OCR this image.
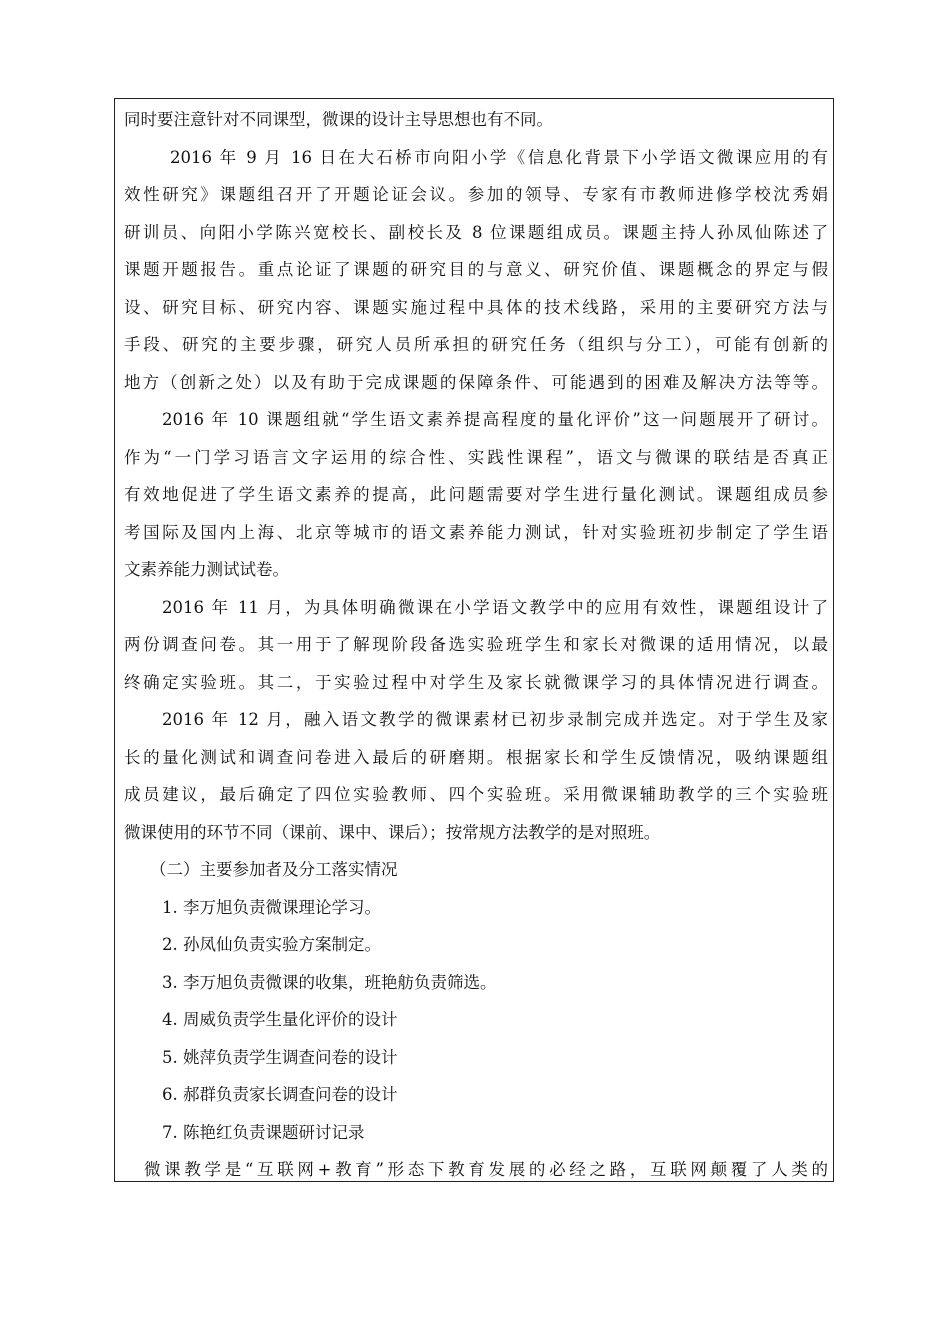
同时要注意针对不同课型，微课的设计主导思想也有不同。
2016 年 9 月 16 日在大石桥市向阳小学《信息化背景下小学语文微课应用的有
效性研究》课题组召开了开题论证会议。参加的领导、专家有市教师进修学校沈秀娟
研训员、向阳小学陈兴宽校长、副校长及 8 位课题组成员。课题主持人孙凤仙陈述了
课题开题报告。重点论证了课题的研究目的与意义、研究价值、课题概念的界定与假
设、研究目标、研究内容、课题实施过程中具体的技术线路，采用的主要研究方法与
手段、研究的主要步骤，研究人员所承担的研究任务（组织与分工），可能有创新的
地方（创新之处）以及有助于完成课题的保障条件、可能遇到的困难及解决方法等等。
2016 年 10 课题组就“学生语文素养提高程度的量化评价”这一问题展开了研讨。
作为“一门学习语言文字运用的综合性、实践性课程”，语文与微课的联结是否真正
有效地促进了学生语文素养的提高，此问题需要对学生进行量化测试。课题组成员参
考国际及国内上海、北京等城市的语文素养能力测试，针对实验班初步制定了学生语
文素养能力测试试卷。
2016 年 11 月，为具体明确微课在小学语文教学中的应用有效性，课题组设计了
两份调查问卷。其一用于了解现阶段备选实验班学生和家长对微课的适用情况，以最
终确定实验班。其二，于实验过程中对学生及家长就微课学习的具体情况进行调查。
2016 年 12 月，融入语文教学的微课素材已初步录制完成并选定。对于学生及家
长的量化测试和调查问卷进入最后的研磨期。根据家长和学生反馈情况，吸纳课题组
成员建议，最后确定了四位实验教师、四个实验班。采用微课辅助教学的三个实验班
微课使用的环节不同（课前、课中、课后）；按常规方法教学的是对照班。
（二）主要参加者及分工落实情况
1. 李万旭负责微课理论学习。
2. 孙凤仙负责实验方案制定。
3. 李万旭负责微课的收集，班艳舫负责筛选。
4. 周威负责学生量化评价的设计
5. 姚萍负责学生调查问卷的设计
6. 郝群负责家长调查问卷的设计
7. 陈艳红负责课题研讨记录
微课教学是“互联网+教育”形态下教育发展的必经之路，互联网颠覆了人类的
